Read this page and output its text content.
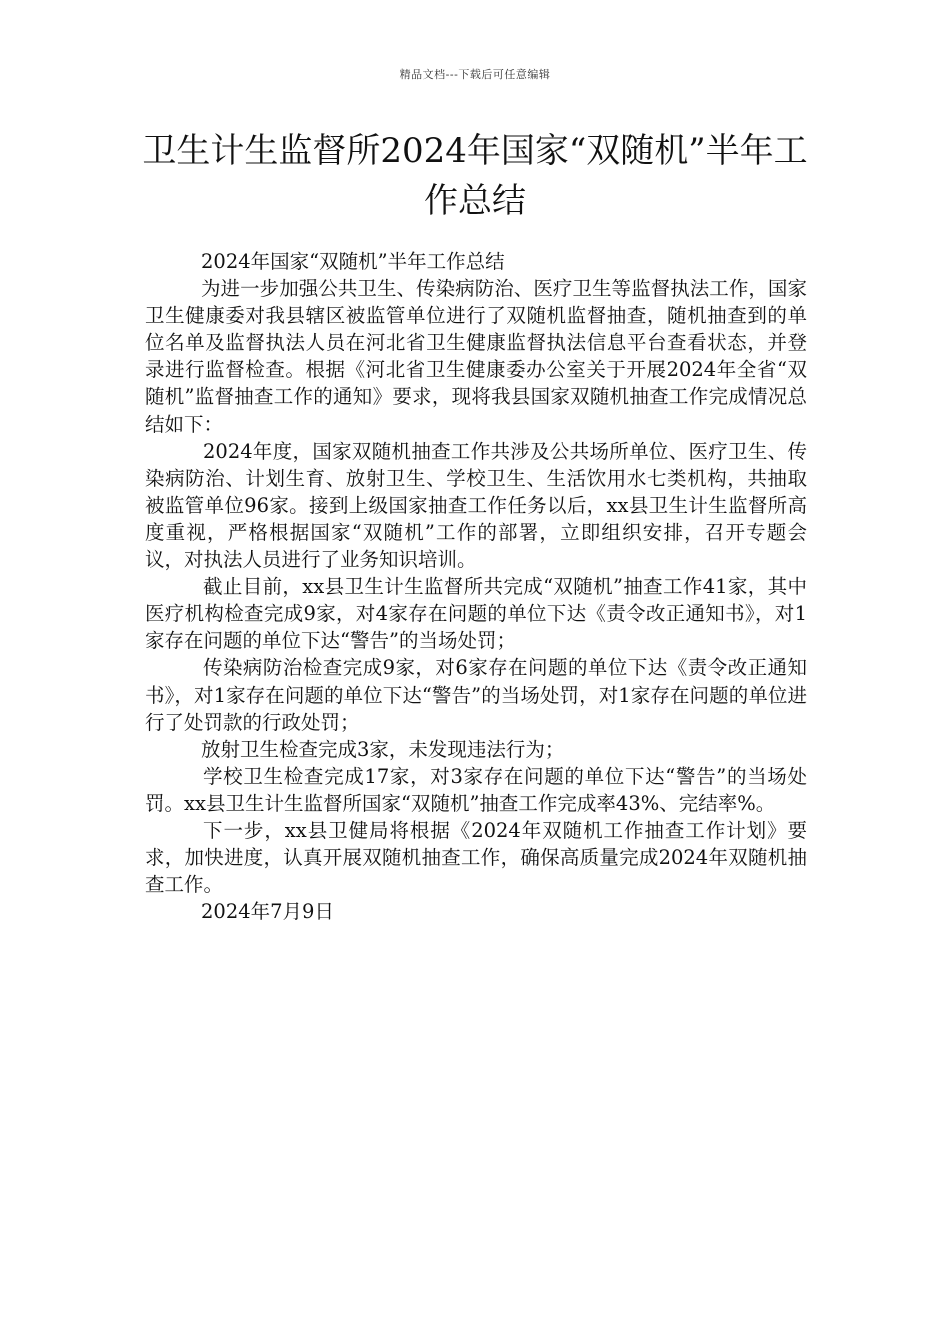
精品文档---下载后可任意编辑
卫生计生监督所2024年国家“双随机”半年工作总结

2024年国家“双随机”半年工作总结

为进一步加强公共卫生、传染病防治、医疗卫生等监督执法工作，国家卫生健康委对我县辖区被监管单位进行了双随机监督抽查，随机抽查到的单位名单及监督执法人员在河北省卫生健康监督执法信息平台查看状态，并登录进行监督检查。根据《河北省卫生健康委办公室关于开展2024年全省“双随机”监督抽查工作的通知》要求，现将我县国家双随机抽查工作完成情况总结如下：

2024年度，国家双随机抽查工作共涉及公共场所单位、医疗卫生、传染病防治、计划生育、放射卫生、学校卫生、生活饮用水七类机构，共抽取被监管单位96家。接到上级国家抽查工作任务以后，xx县卫生计生监督所高度重视，严格根据国家“双随机”工作的部署，立即组织安排，召开专题会议，对执法人员进行了业务知识培训。

截止目前，xx县卫生计生监督所共完成“双随机”抽查工作41家，其中医疗机构检查完成9家，对4家存在问题的单位下达《责令改正通知书》，对1家存在问题的单位下达“警告”的当场处罚；

传染病防治检查完成9家，对6家存在问题的单位下达《责令改正通知书》，对1家存在问题的单位下达“警告”的当场处罚，对1家存在问题的单位进行了处罚款的行政处罚；

放射卫生检查完成3家，未发现违法行为；

学校卫生检查完成17家，对3家存在问题的单位下达“警告”的当场处罚。xx县卫生计生监督所国家“双随机”抽查工作完成率43%、完结率%。

下一步，xx县卫健局将根据《2024年双随机工作抽查工作计划》要求，加快进度，认真开展双随机抽查工作，确保高质量完成2024年双随机抽查工作。

2024年7月9日
